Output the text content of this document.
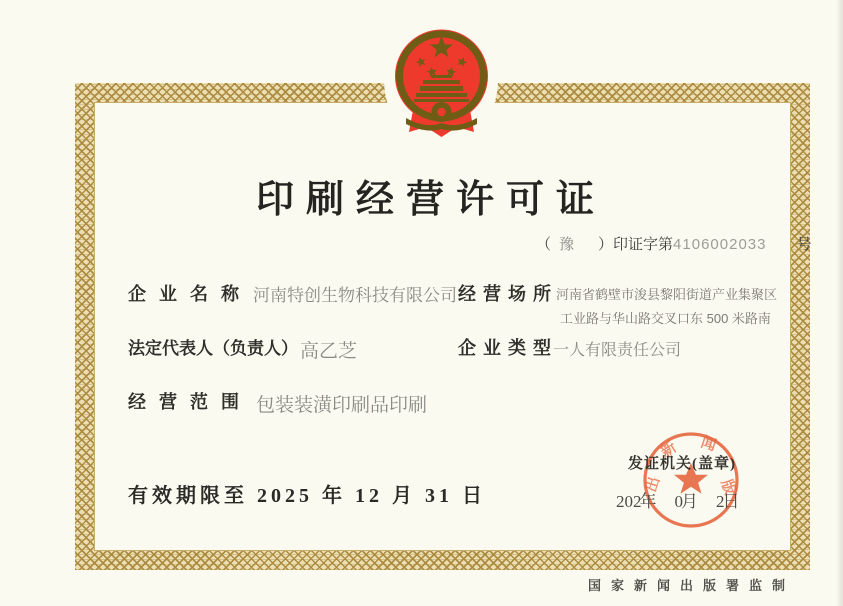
印刷经营许可证
（ 豫 ）印证字第4106002033 号
企业名称 河南特创生物科技有限公司 经营场所
河南省鹤壁市浚县黎阳街道产业集聚区
工业路与华山路交叉口东 500 米路南
法定代表人（负责人） 高乙芝	企业类型
一人有限责任公司
经营范围 包装装潢印刷品印刷
有效期限至 2025 年 12 月 31 日
发证机关(盖章)
202年 0月 2日
新 闻
出	版
国家新闻出版署监制
